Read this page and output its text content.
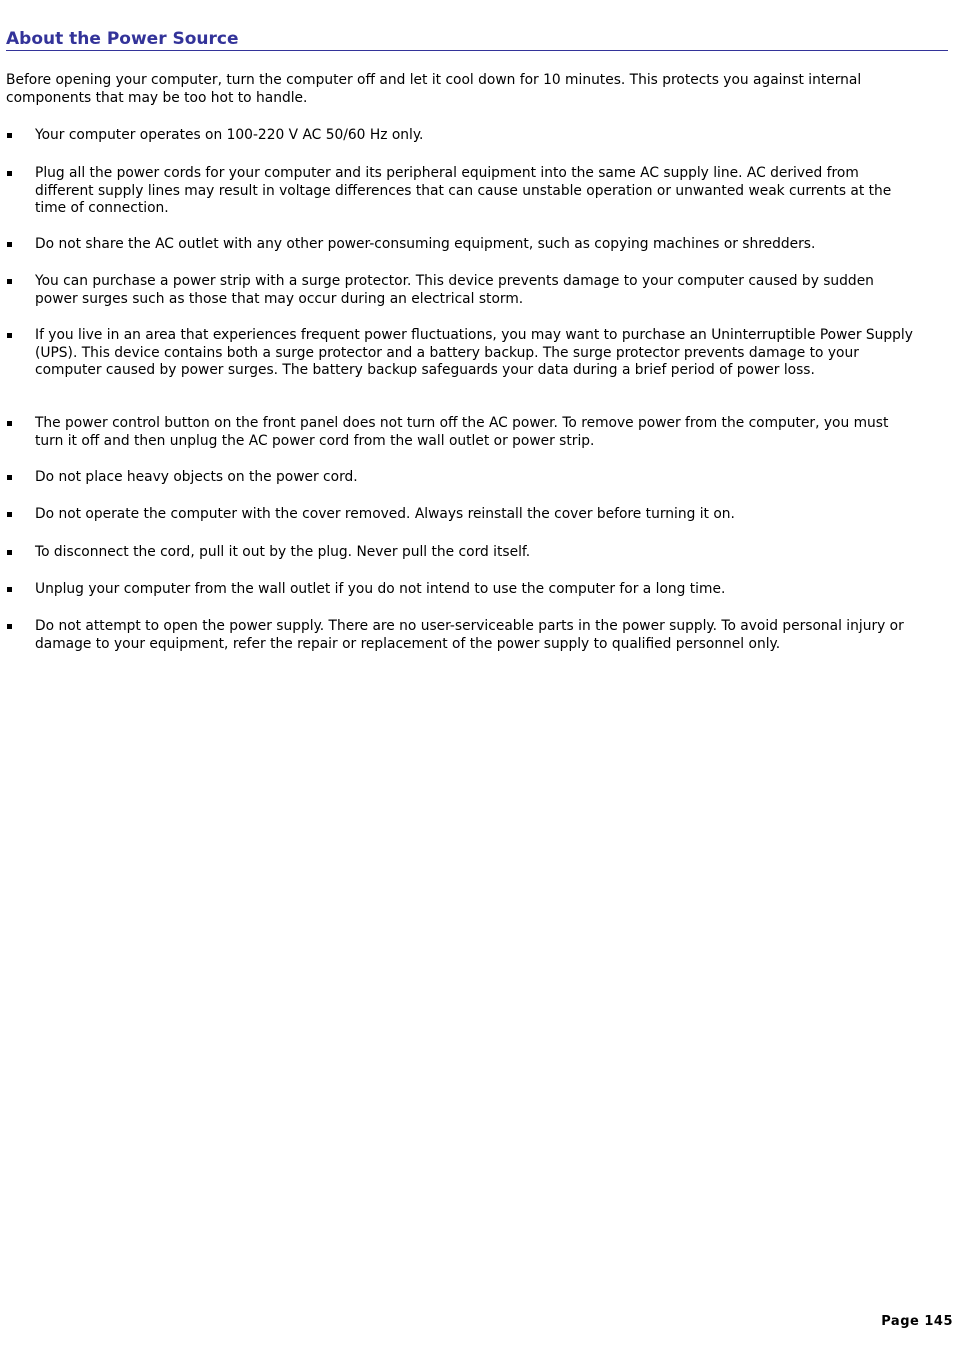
About the Power Source

Before opening your computer, turn the computer off and let it cool down for 10 minutes. This protects you against internal components that may be too hot to handle.

Your computer operates on 100-220 V AC 50/60 Hz only.
Plug all the power cords for your computer and its peripheral equipment into the same AC supply line. AC derived from different supply lines may result in voltage differences that can cause unstable operation or unwanted weak currents at the time of connection.
Do not share the AC outlet with any other power-consuming equipment, such as copying machines or shredders.
You can purchase a power strip with a surge protector. This device prevents damage to your computer caused by sudden power surges such as those that may occur during an electrical storm.
If you live in an area that experiences frequent power fluctuations, you may want to purchase an Uninterruptible Power Supply (UPS). This device contains both a surge protector and a battery backup. The surge protector prevents damage to your computer caused by power surges. The battery backup safeguards your data during a brief period of power loss.
The power control button on the front panel does not turn off the AC power. To remove power from the computer, you must turn it off and then unplug the AC power cord from the wall outlet or power strip.
Do not place heavy objects on the power cord.
Do not operate the computer with the cover removed. Always reinstall the cover before turning it on.
To disconnect the cord, pull it out by the plug. Never pull the cord itself.
Unplug your computer from the wall outlet if you do not intend to use the computer for a long time.
Do not attempt to open the power supply. There are no user-serviceable parts in the power supply. To avoid personal injury or damage to your equipment, refer the repair or replacement of the power supply to qualified personnel only.
Page 145
